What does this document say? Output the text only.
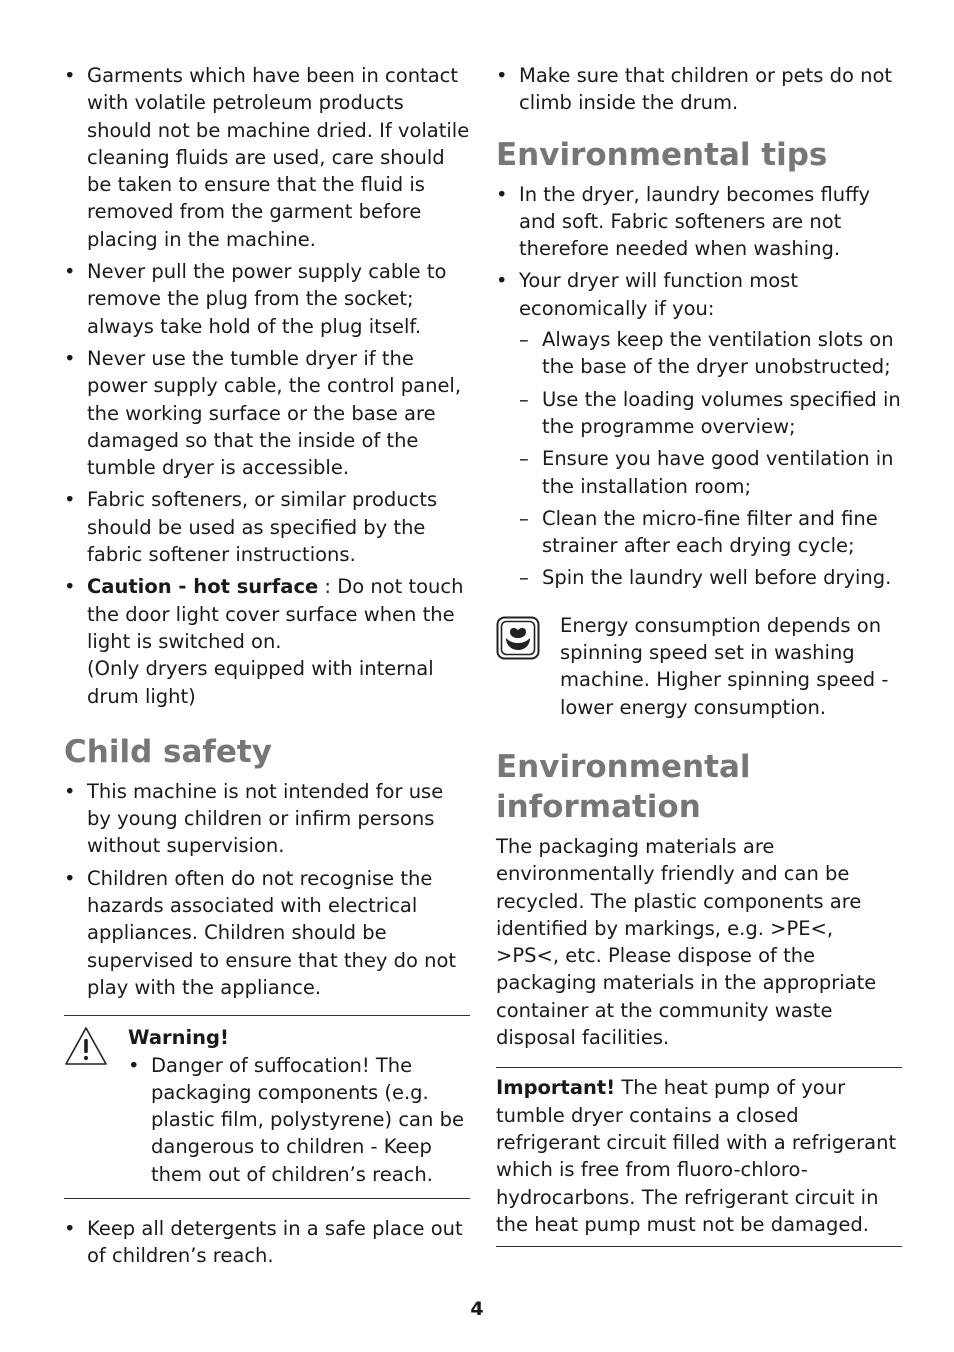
• Garments which have been in contact with volatile petroleum products should not be machine dried. If volatile cleaning fluids are used, care should be taken to ensure that the fluid is removed from the garment before placing in the machine.
• Never pull the power supply cable to remove the plug from the socket; always take hold of the plug itself.
• Never use the tumble dryer if the power supply cable, the control panel, the working surface or the base are damaged so that the inside of the tumble dryer is accessible.
• Fabric softeners, or similar products should be used as specified by the fabric softener instructions.
• Caution - hot surface : Do not touch the door light cover surface when the light is switched on.
(Only dryers equipped with internal drum light)
Child safety
• This machine is not intended for use by young children or infirm persons without supervision.
• Children often do not recognise the hazards associated with electrical appliances. Children should be supervised to ensure that they do not play with the appliance.
Warning!
• Danger of suffocation! The packaging components (e.g. plastic film, polystyrene) can be dangerous to children - Keep them out of children’s reach.
• Keep all detergents in a safe place out of children’s reach.
• Make sure that children or pets do not climb inside the drum.
Environmental tips
• In the dryer, laundry becomes fluffy and soft. Fabric softeners are not therefore needed when washing.
• Your dryer will function most economically if you:
– Always keep the ventilation slots on the base of the dryer unobstructed;
– Use the loading volumes specified in the programme overview;
– Ensure you have good ventilation in the installation room;
– Clean the micro-fine filter and fine strainer after each drying cycle;
– Spin the laundry well before drying.
Energy consumption depends on spinning speed set in washing machine. Higher spinning speed - lower energy consumption.
Environmental information

The packaging materials are environmentally friendly and can be recycled. The plastic components are identified by markings, e.g. >PE<, >PS<, etc. Please dispose of the packaging materials in the appropriate container at the community waste disposal facilities.

Important! The heat pump of your tumble dryer contains a closed refrigerant circuit filled with a refrigerant which is free from fluoro-chloro-hydrocarbons. The refrigerant circuit in the heat pump must not be damaged.

4
